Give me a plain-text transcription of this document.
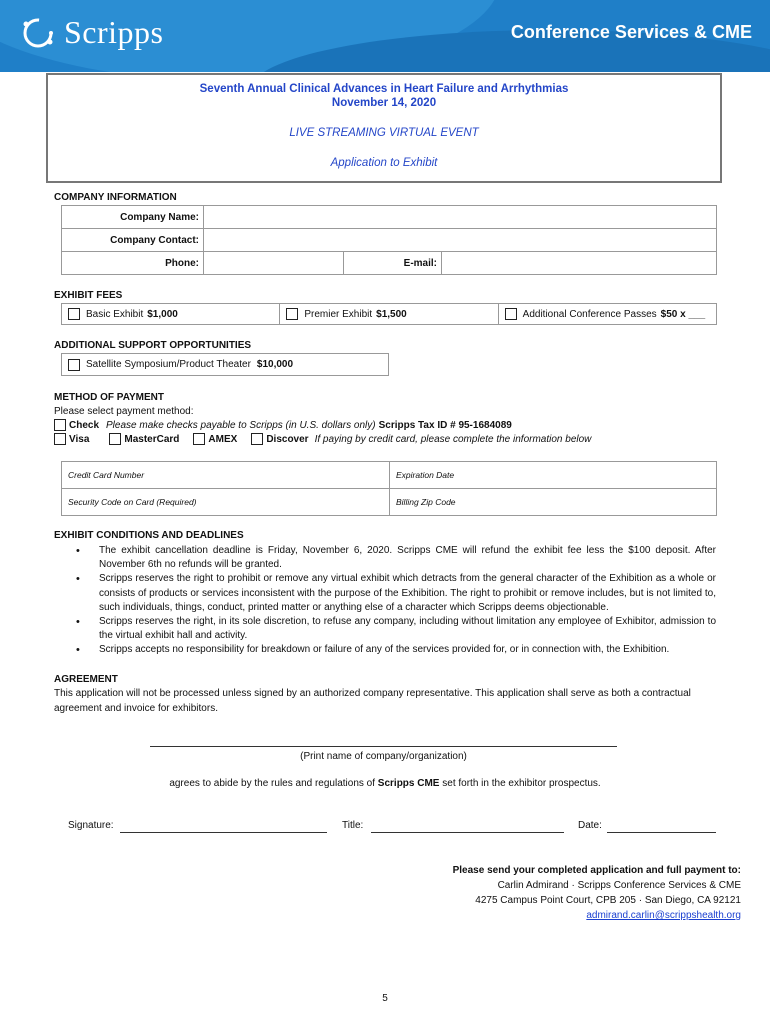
Scripps	Conference Services & CME
Seventh Annual Clinical Advances in Heart Failure and Arrhythmias
November 14, 2020
LIVE STREAMING VIRTUAL EVENT
Application to Exhibit
COMPANY INFORMATION
Company Name:			
Company Contact:			
Phone:		E-mail:	
EXHIBIT FEES
Basic Exhibit $1,000	Premier Exhibit $1,500	Additional Conference Passes $50 x ___
ADDITIONAL SUPPORT OPPORTUNITIES
Satellite Symposium/Product Theater $10,000
METHOD OF PAYMENT
Please select payment method:
Check Please make checks payable to Scripps (in U.S. dollars only) Scripps Tax ID # 95-1684089
Visa	MasterCard	AMEX	Discover If paying by credit card, please complete the information below
Credit Card Number	Expiration Date
Security Code on Card (Required)	Billing Zip Code
EXHIBIT CONDITIONS AND DEADLINES
• The exhibit cancellation deadline is Friday, November 6, 2020. Scripps CME will refund the exhibit fee less the $100 deposit. After November 6th no refunds will be granted.
• Scripps reserves the right to prohibit or remove any virtual exhibit which detracts from the general character of the Exhibition as a whole or consists of products or services inconsistent with the purpose of the Exhibition. The right to prohibit or remove includes, but is not limited to, such individuals, things, conduct, printed matter or anything else of a character which Scripps deems objectionable.
• Scripps reserves the right, in its sole discretion, to refuse any company, including without limitation any employee of Exhibitor, admission to the virtual exhibit hall and activity.
• Scripps accepts no responsibility for breakdown or failure of any of the services provided for, or in connection with, the Exhibition.
AGREEMENT
This application will not be processed unless signed by an authorized company representative. This application shall serve as both a contractual agreement and invoice for exhibitors.
(Print name of company/organization)
agrees to abide by the rules and regulations of Scripps CME set forth in the exhibitor prospectus.
Signature:	Title:	Date:
Please send your completed application and full payment to:
Carlin Admirand · Scripps Conference Services & CME
4275 Campus Point Court, CPB 205 · San Diego, CA 92121
admirand.carlin@scrippshealth.org
5
